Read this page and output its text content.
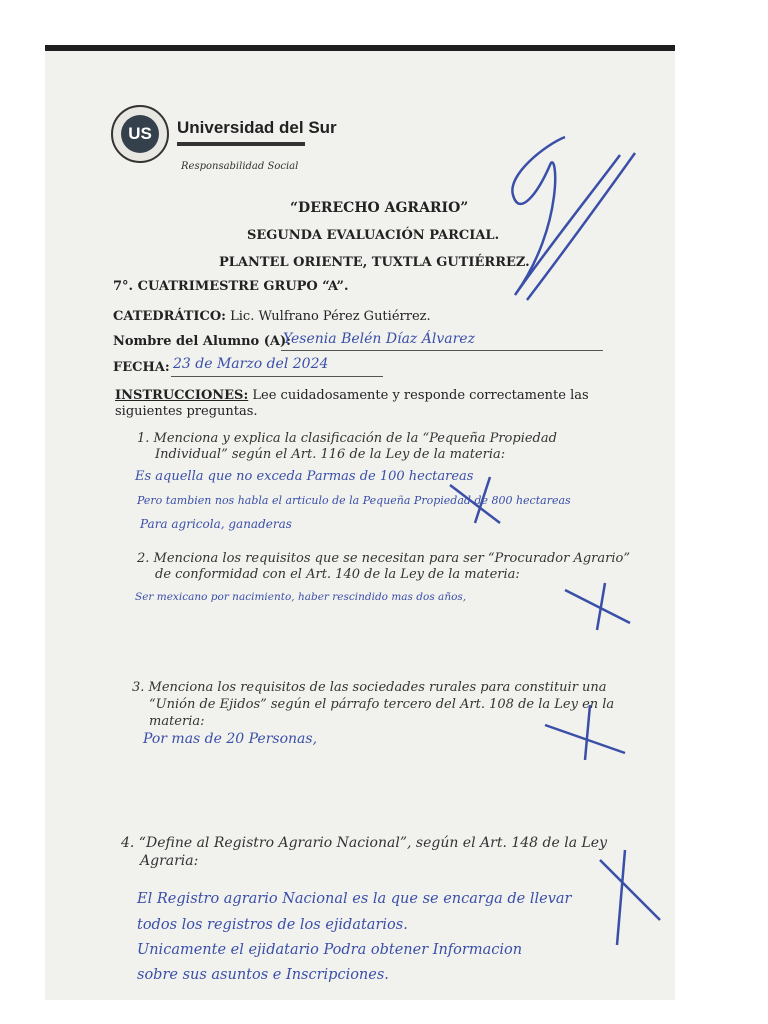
US	Universidad del Sur
Responsabilidad Social
“DERECHO AGRARIO”
SEGUNDA EVALUACIÓN PARCIAL.
PLANTEL ORIENTE, TUXTLA GUTIÉRREZ.
7°. CUATRIMESTRE GRUPO “A”.
CATEDRÁTICO: Lic. Wulfrano Pérez Gutiérrez.
Nombre del Alumno (A):
Yesenia Belén Díaz Álvarez
FECHA: 23 de Marzo del 2024
INSTRUCCIONES: Lee cuidadosamente y responde correctamente las
siguientes preguntas.
1. Menciona y explica la clasificación de la “Pequeña Propiedad
Individual” según el Art. 116 de la Ley de la materia:
Es aquella que no exceda Parmas de 100 hectareas
Pero tambien nos habla el articulo de la Pequeña Propiedad de 800 hectareas
Para agricola, ganaderas
2. Menciona los requisitos que se necesitan para ser “Procurador Agrario”
de conformidad con el Art. 140 de la Ley de la materia:
Ser mexicano por nacimiento, haber rescindido mas dos años,
3. Menciona los requisitos de las sociedades rurales para constituir una
“Unión de Ejidos” según el párrafo tercero del Art. 108 de la Ley en la
materia:
Por mas de 20 Personas,
4. “Define al Registro Agrario Nacional”, según el Art. 148 de la Ley
Agraria:
El Registro agrario Nacional es la que se encarga de llevar
todos los registros de los ejidatarios.
Unicamente el ejidatario Podra obtener Informacion
sobre sus asuntos e Inscripciones.
